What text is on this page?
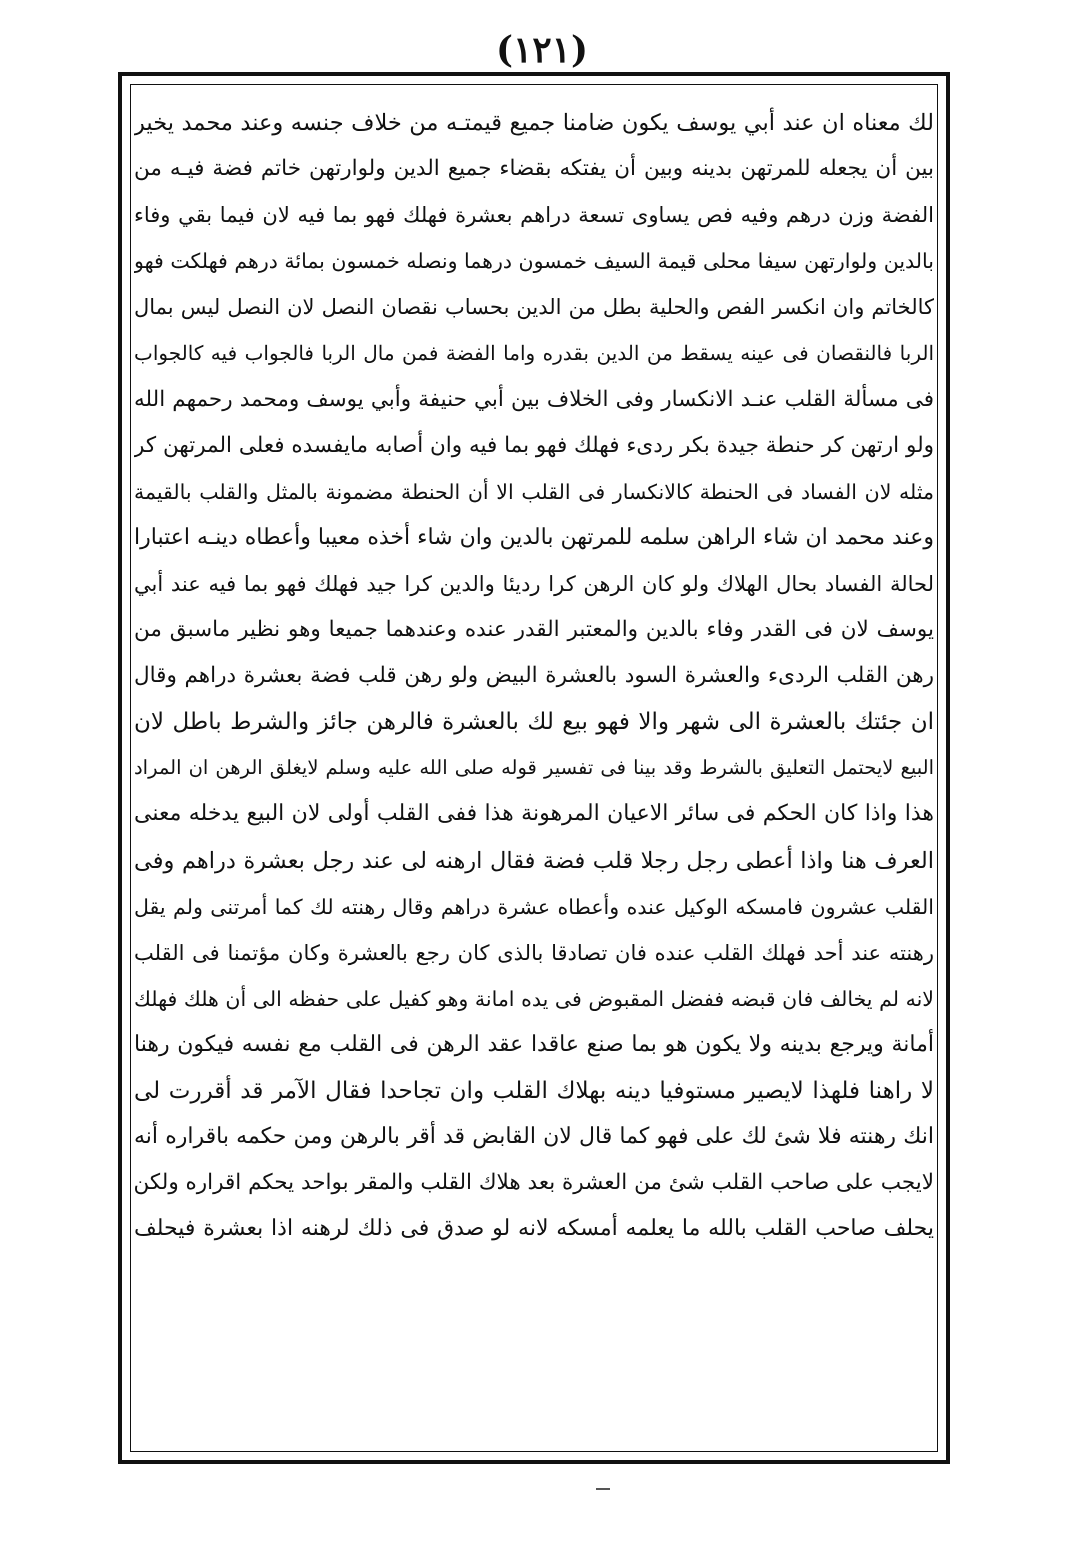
(١٢١)
لك معناه ان عند أبي يوسف يكون ضامنا جميع قيمتـه من خلاف جنسه وعند محمد يخير
بين أن يجعله للمرتهن بدينه وبين أن يفتكه بقضاء جميع الدين ولوارتهن خاتم فضة فيـه من
الفضة وزن درهم وفيه فص يساوى تسعة دراهم بعشرة فهلك فهو بما فيه لان فيما بقي وفاء
بالدين ولوارتهن سيفا محلى قيمة السيف خمسون درهما ونصله خمسون بمائة درهم فهلكت فهو
كالخاتم وان انكسر الفص والحلية بطل من الدين بحساب نقصان النصل لان النصل ليس بمال
الربا فالنقصان فى عينه يسقط من الدين بقدره واما الفضة فمن مال الربا فالجواب فيه كالجواب
فى مسألة القلب عنـد الانكسار وفى الخلاف بين أبي حنيفة وأبي يوسف ومحمد رحمهم الله
ولو ارتهن كر حنطة جيدة بكر ردىء فهلك فهو بما فيه وان أصابه مايفسده فعلى المرتهن كر
مثله لان الفساد فى الحنطة كالانكسار فى القلب الا أن الحنطة مضمونة بالمثل والقلب بالقيمة
وعند محمد ان شاء الراهن سلمه للمرتهن بالدين وان شاء أخذه معيبا وأعطاه دينـه اعتبارا
لحالة الفساد بحال الهلاك ولو كان الرهن كرا رديئا والدين كرا جيد فهلك فهو بما فيه عند أبي
يوسف لان فى القدر وفاء بالدين والمعتبر القدر عنده وعندهما جميعا وهو نظير ماسبق من
رهن القلب الردىء والعشرة السود بالعشرة البيض ولو رهن قلب فضة بعشرة دراهم وقال
ان جئتك بالعشرة الى شهر والا فهو بيع لك بالعشرة فالرهن جائز والشرط باطل لان
البيع لايحتمل التعليق بالشرط وقد بينا فى تفسير قوله صلى الله عليه وسلم لايغلق الرهن ان المراد
هذا واذا كان الحكم فى سائر الاعيان المرهونة هذا ففى القلب أولى لان البيع يدخله معنى
العرف هنا واذا أعطى رجل رجلا قلب فضة فقال ارهنه لى عند رجل بعشرة دراهم وفى
القلب عشرون فامسكه الوكيل عنده وأعطاه عشرة دراهم وقال رهنته لك كما أمرتنى ولم يقل
رهنته عند أحد فهلك القلب عنده فان تصادقا بالذى كان رجع بالعشرة وكان مؤتمنا فى القلب
لانه لم يخالف فان قبضه ففضل المقبوض فى يده امانة وهو كفيل على حفظه الى أن هلك فهلك
أمانة ويرجع بدينه ولا يكون هو بما صنع عاقدا عقد الرهن فى القلب مع نفسه فيكون رهنا
لا راهنا فلهذا لايصير مستوفيا دينه بهلاك القلب وان تجاحدا فقال الآمر قد أقررت لى
انك رهنته فلا شئ لك على فهو كما قال لان القابض قد أقر بالرهن ومن حكمه باقراره أنه
لايجب على صاحب القلب شئ من العشرة بعد هلاك القلب والمقر بواحد يحكم اقراره ولكن
يحلف صاحب القلب بالله ما يعلمه أمسكه لانه لو صدق فى ذلك لرهنه اذا بعشرة فيحلف
